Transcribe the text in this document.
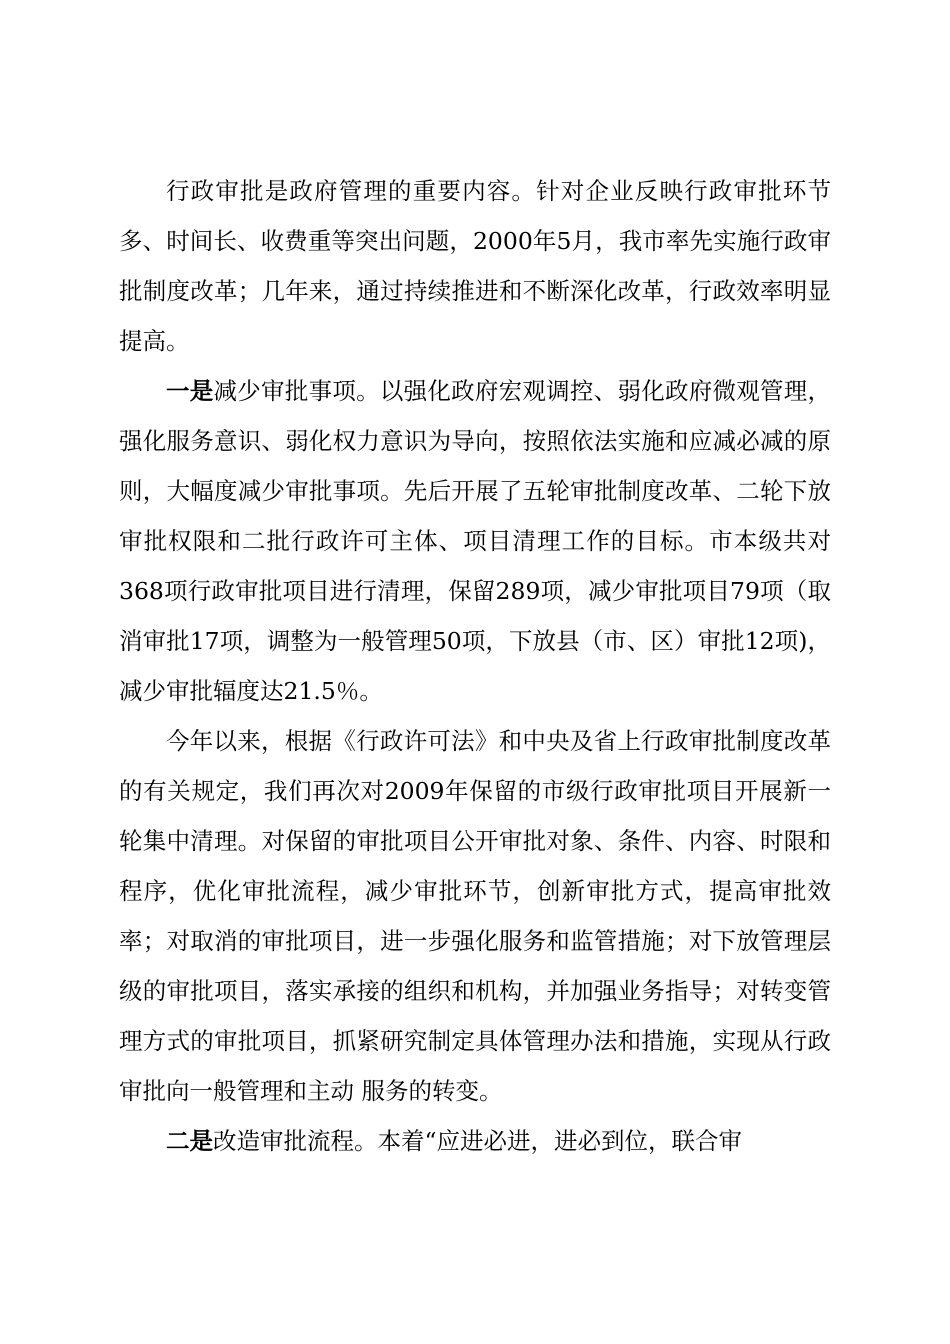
行政审批是政府管理的重要内容。针对企业反映行政审批环节多、时间长、收费重等突出问题，2000年5月，我市率先实施行政审批制度改革；几年来，通过持续推进和不断深化改革，行政效率明显提高。

一是减少审批事项。以强化政府宏观调控、弱化政府微观管理，强化服务意识、弱化权力意识为导向，按照依法实施和应减必减的原则，大幅度减少审批事项。先后开展了五轮审批制度改革、二轮下放审批权限和二批行政许可主体、项目清理工作的目标。市本级共对368项行政审批项目进行清理，保留289项，减少审批项目79项（取消审批17项，调整为一般管理50项，下放县（市、区）审批12项)，减少审批辐度达21.5％。

今年以来，根据《行政许可法》和中央及省上行政审批制度改革的有关规定，我们再次对2009年保留的市级行政审批项目开展新一轮集中清理。对保留的审批项目公开审批对象、条件、内容、时限和程序，优化审批流程，减少审批环节，创新审批方式，提高审批效率；对取消的审批项目，进一步强化服务和监管措施；对下放管理层级的审批项目，落实承接的组织和机构，并加强业务指导；对转变管理方式的审批项目，抓紧研究制定具体管理办法和措施，实现从行政审批向一般管理和主动 服务的转变。

二是改造审批流程。本着“应进必进，进必到位，联合审
